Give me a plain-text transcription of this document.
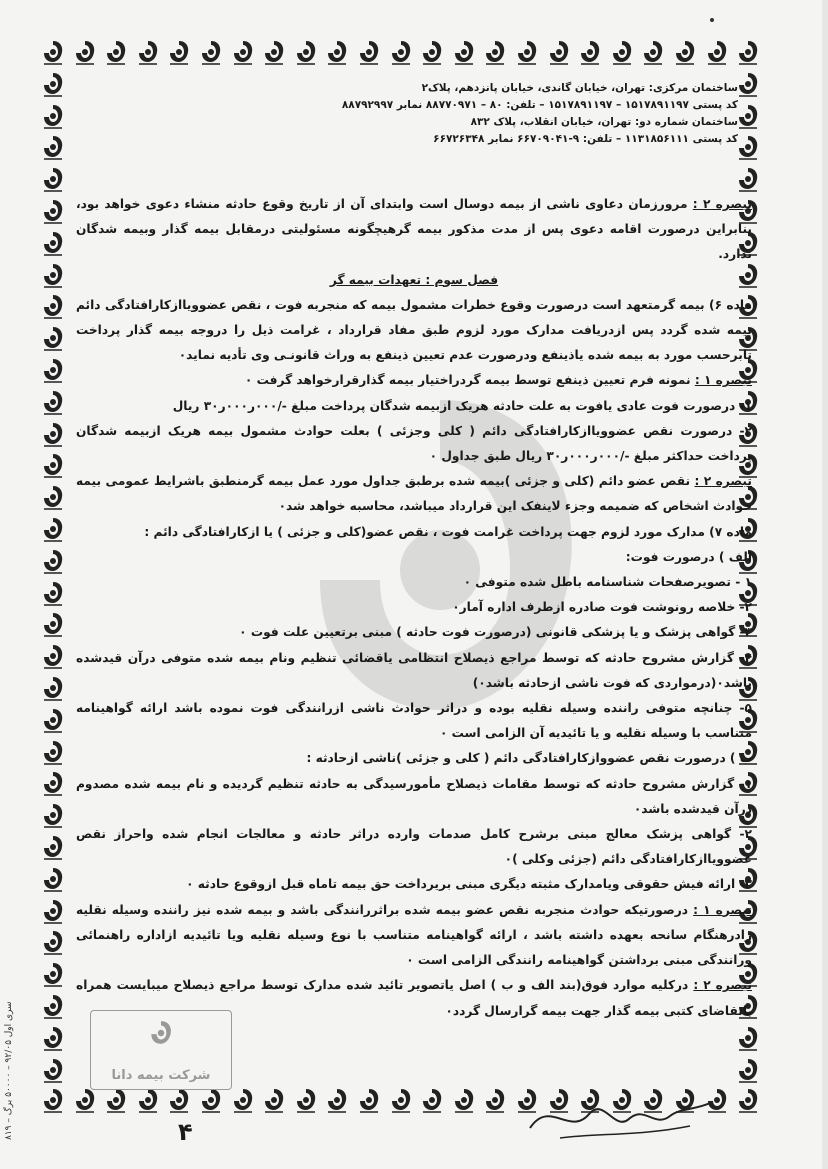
ساختمان مرکزی: تهران، خیابان گاندی، خیابان پانزدهم، پلاک۲
کد پستی ۱۵۱۷۸۹۱۱۹۷ – ۱۵۱۷۸۹۱۱۹۷ – تلفن: ۸۰ – ۸۸۷۷۰۹۷۱ نمابر ۸۸۷۹۲۹۹۷
ساختمان شماره دو: تهران، خیابان انقلاب، پلاک ۸۳۲
کد پستی ۱۱۳۱۸۵۶۱۱۱ – تلفن: ۹-۶۶۷۰۹۰۴۱ نمابر ۶۶۷۲۶۳۴۸

تبصره ۲ : مرورزمان دعاوی ناشی از بیمه دوسال است وابتدای آن از تاریخ وقوع حادثه منشاء دعوی خواهد بود، بنابراین درصورت اقامه دعوی پس از مدت مذکور بیمه گرهیچگونه مسئولیتی درمقابل بیمه گذار وبیمه شدگان ندارد.

فصل سوم : تعهدات بیمه گر

ماده ۶) بیمه گرمتعهد است درصورت وقوع خطرات مشمول بیمه که منجربه فوت ، نقص عضوویاازکارافتادگی دائم بیمه شده گردد پس ازدریافت مدارک مورد لزوم طبق مفاد قرارداد ، غرامت ذیل را دروجه بیمه گذار پرداخت تابرحسب مورد به بیمه شده یاذینفع ودرصورت عدم تعیین ذینفع به وراث قانونـی وی تأدیه نماید۰

تبصره ۱ : نمونه فرم تعیین ذینفع توسط بیمه گردراختیار بیمه گذارقرارخواهد گرفت ۰

۱- درصورت فوت عادی یافوت به علت حادثه هریک ازبیمه شدگان پرداخت مبلغ -/۰۰۰ر۰۰۰ر۳۰ ریال

۲- درصورت نقص عضوویاازکارافتادگی دائم ( کلی وجزئی ) بعلت حوادث مشمول بیمه هریک ازبیمه شدگان پرداخت حداکثر مبلغ -/۰۰۰ر۰۰۰ر۳۰ ریال طبق جداول ۰

تبصره ۲ : نقص عضو دائم (کلی و جزئی )بیمه شده برطبق جداول مورد عمل بیمه گرمنطبق باشرایط عمومی بیمه حوادث اشخاص که ضمیمه وجزء لاینفک این قرارداد میباشد، محاسبه خواهد شد۰

ماده ۷) مدارک مورد لزوم جهت پرداخت غرامت فوت ، نقص عضو(کلی و جزئی ) یا ازکارافتادگی دائم :

الف ) درصورت فوت:

۱ - تصویرصفحات شناسنامه باطل شده متوفی ۰

۲- خلاصه رونوشت فوت صادره ازطرف اداره آمار۰

۳- گواهی پزشک و یا پزشکی قانونی (درصورت فوت حادثه ) مبنی برتعیین علت فوت ۰

۴- گزارش مشروح حادثه که توسط مراجع ذیصلاح انتظامی یاقضائی تنظیم ونام بیمه شده متوفی درآن قیدشده باشد۰(درمواردی که فوت ناشی ازحادثه باشد۰)

۵- چنانچه متوفی راننده وسیله نقلیه بوده و دراثر حوادث ناشی ازرانندگی فوت نموده باشد ارائه گواهینامه متناسب با وسیله نقلیه و یا تائیدیه آن الزامی است ۰

ب ) درصورت نقص عضووازکارافتادگی دائم ( کلی و جزئی )ناشی ازحادثه :

۱- گزارش مشروح حادثه که توسط مقامات ذیصلاح مأمورسیدگی به حادثه تنظیم گردیده و نام بیمه شده مصدوم درآن قیدشده باشد۰

۲- گواهی پزشک معالج مبنی برشرح کامل صدمات وارده دراثر حادثه و معالجات انجام شده واحراز نقص عضوویاازکارافتادگی دائم (جزئی وکلی )۰

۳- ارائه فیش حقوقی ویامدارک مثبته دیگری مبنی بریرداخت حق بیمه تاماه قبل ازوقوع حادثه ۰

تبصره ۱ : درصورتیکه حوادث منجربه نقص عضو بیمه شده براثررانندگی باشد و بیمه شده نیز راننده وسیله نقلیه رادرهنگام سانحه بعهده داشته باشد ، ارائه گواهینامه متناسب با نوع وسیله نقلیه ویا تائیدیه ازاداره راهنمائی ورانندگی مبنی برداشتن گواهینامه رانندگی الزامی است ۰

تبصره ۲ : درکلیه موارد فوق(بند الف و ب ) اصل یاتصویر تائید شده مدارک توسط مراجع ذیصلاح میبایست همراه باتقاضای کتبی بیمه گذار جهت بیمه گرارسال گردد۰

۸۱۹ – سری اول ۹۲/۰۵ – ۵۰۰۰۰ برگ
شرکت بیمه دانا
۴
